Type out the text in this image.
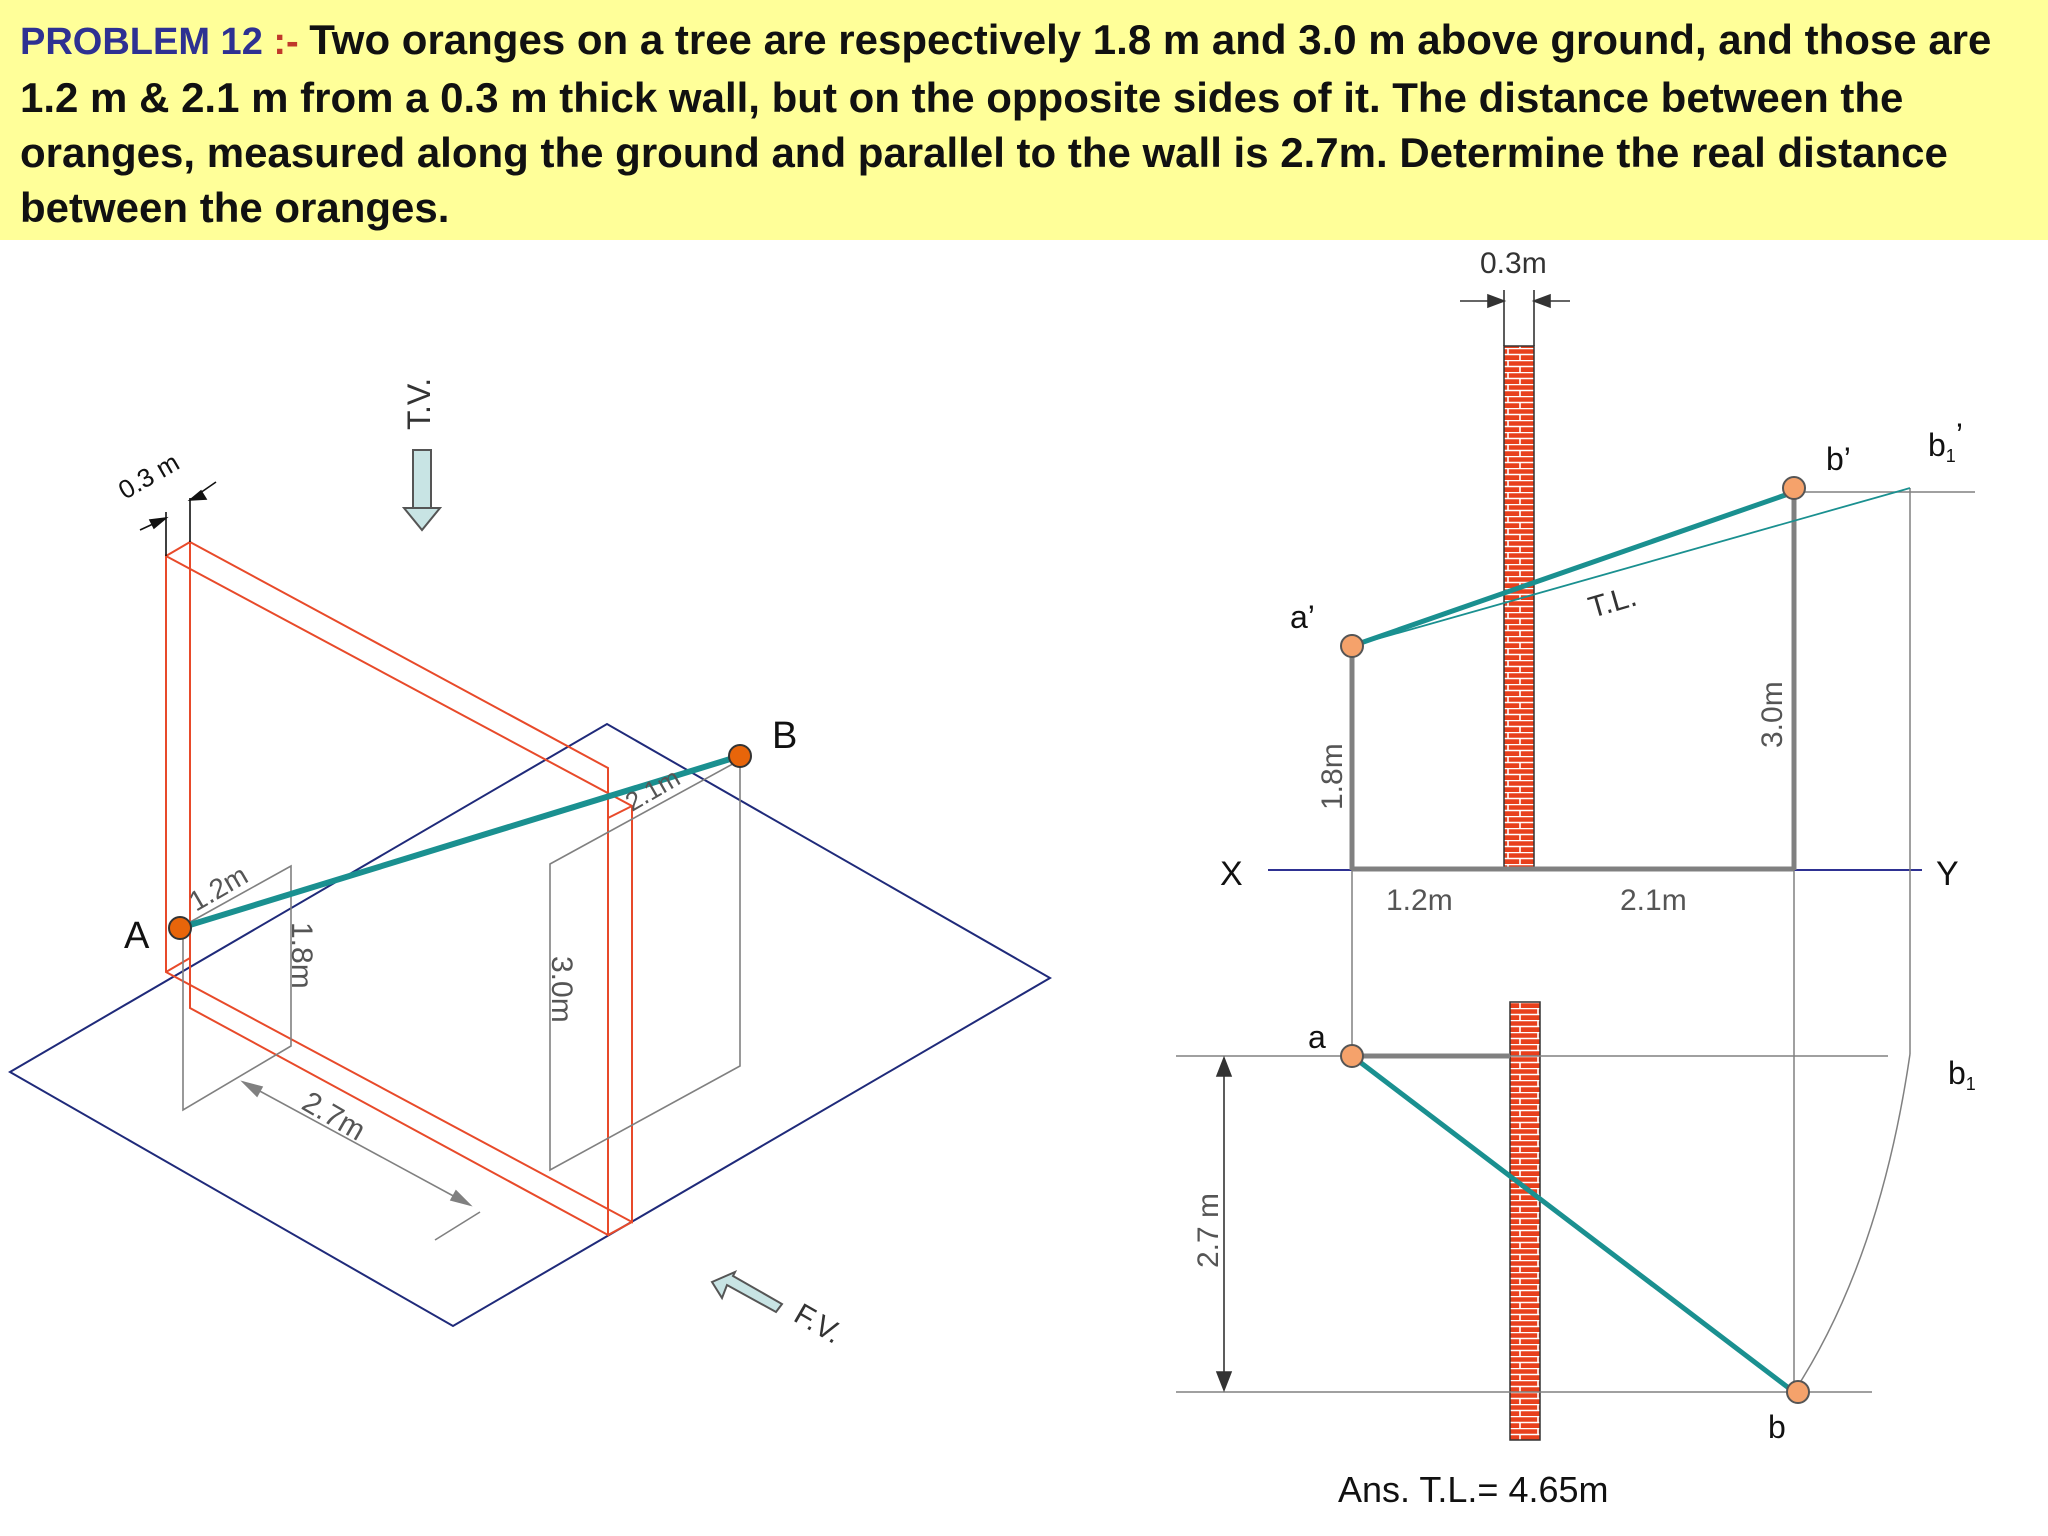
PROBLEM 12 :- Two oranges on a tree are respectively 1.8 m and 3.0 m above ground, and those are 1.2 m & 2.1 m from a 0.3 m thick wall, but on the opposite sides of it. The distance between the oranges, measured along the ground and parallel to the wall is 2.7m. Determine the real distance between the oranges.
0.3 m
T.V.
F.V.
A
B
1.2m
2.1m
1.8m
3.0m
2.7m
X	Y
0.3m
a’
b’ b1’
a
b
b1
T.L.
1.8m
3.0m
1.2m	2.1m
2.7 m
Ans. T.L.= 4.65m
